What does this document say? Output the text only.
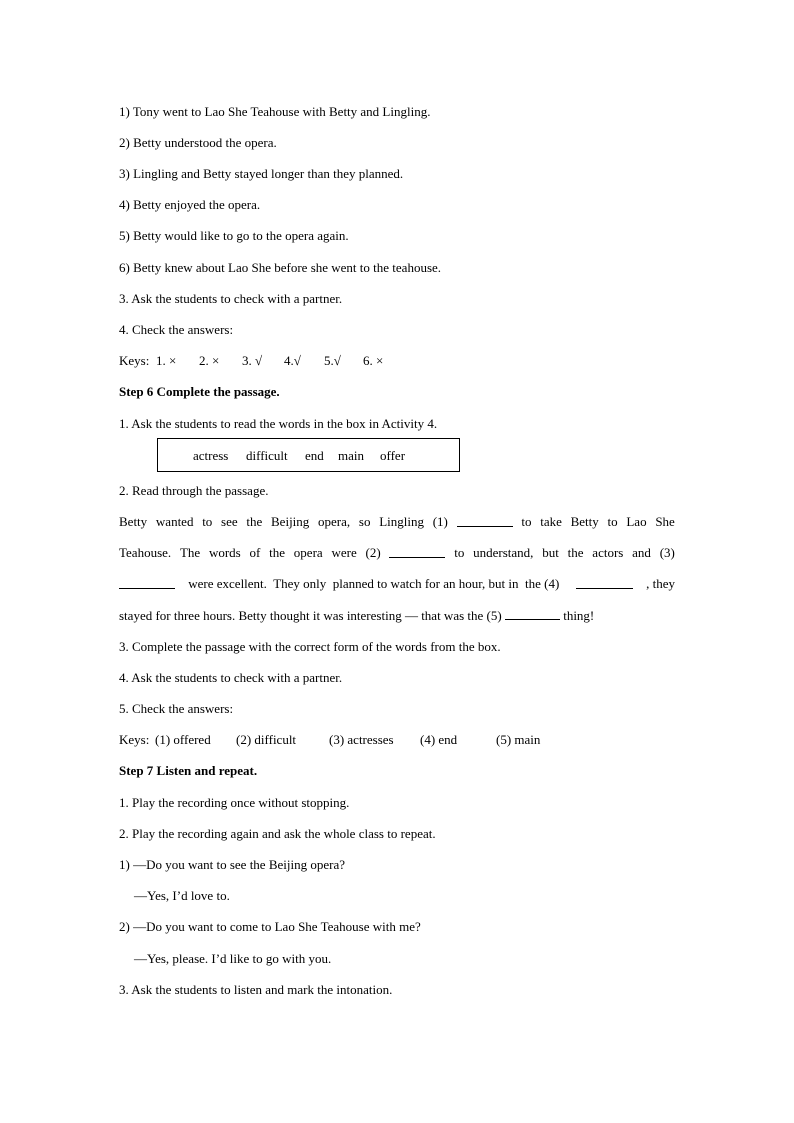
1) Tony went to Lao She Teahouse with Betty and Lingling.
2) Betty understood the opera.
3) Lingling and Betty stayed longer than they planned.
4) Betty enjoyed the opera.
5) Betty would like to go to the opera again.
6) Betty knew about Lao She before she went to the teahouse.
3. Ask the students to check with a partner.
4. Check the answers:
Keys: 1. × 2. × 3. √ 4.√ 5.√ 6. ×
Step 6 Complete the passage.
1. Ask the students to read the words in the box in Activity 4.
actress difficult end main offer
2. Read through the passage.
Betty wanted to see the Beijing opera, so Lingling (1)	to take Betty to Lao She
Teahouse. The words of the opera were (2)	to understand, but the actors and (3)
were excellent.  They only  planned to watch for an hour, but in  the (4)	, they
stayed for three hours. Betty thought it was interesting — that was the (5)	thing!
3. Complete the passage with the correct form of the words from the box.
4. Ask the students to check with a partner.
5. Check the answers:
Keys: (1) offered (2) difficult	(3) actresses (4) end	(5) main
Step 7 Listen and repeat.
1. Play the recording once without stopping.
2. Play the recording again and ask the whole class to repeat.
1) —Do you want to see the Beijing opera?
—Yes, I’d love to.
2) —Do you want to come to Lao She Teahouse with me?
—Yes, please. I’d like to go with you.
3. Ask the students to listen and mark the intonation.
